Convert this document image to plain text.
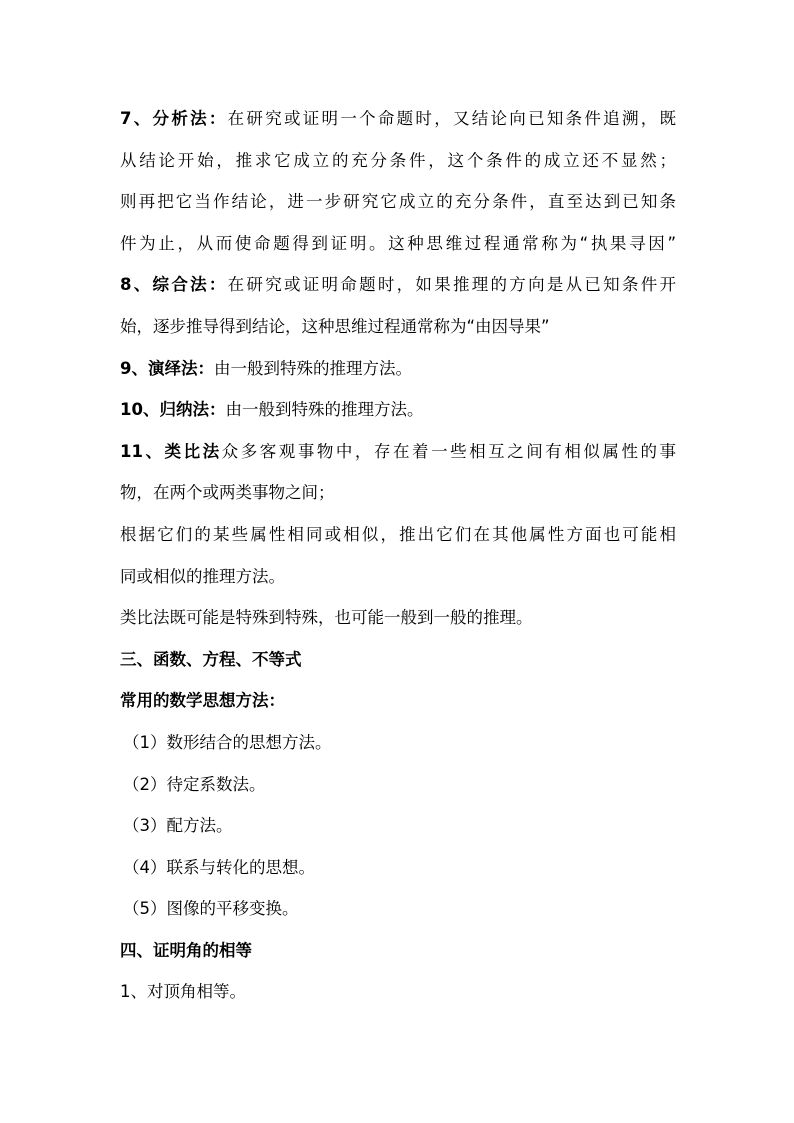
7、分析法：在研究或证明一个命题时，又结论向已知条件追溯，既
从结论开始，推求它成立的充分条件，这个条件的成立还不显然；
则再把它当作结论，进一步研究它成立的充分条件，直至达到已知条
件为止，从而使命题得到证明。这种思维过程通常称为“执果寻因”
8、综合法：在研究或证明命题时，如果推理的方向是从已知条件开
始，逐步推导得到结论，这种思维过程通常称为“由因导果”
9、演绎法：由一般到特殊的推理方法。
10、归纳法：由一般到特殊的推理方法。
11、类比法众多客观事物中，存在着一些相互之间有相似属性的事
物，在两个或两类事物之间；
根据它们的某些属性相同或相似，推出它们在其他属性方面也可能相
同或相似的推理方法。
类比法既可能是特殊到特殊，也可能一般到一般的推理。
三、函数、方程、不等式
常用的数学思想方法：
（1）数形结合的思想方法。
（2）待定系数法。
（3）配方法。
（4）联系与转化的思想。
（5）图像的平移变换。
四、证明角的相等
1、对顶角相等。
